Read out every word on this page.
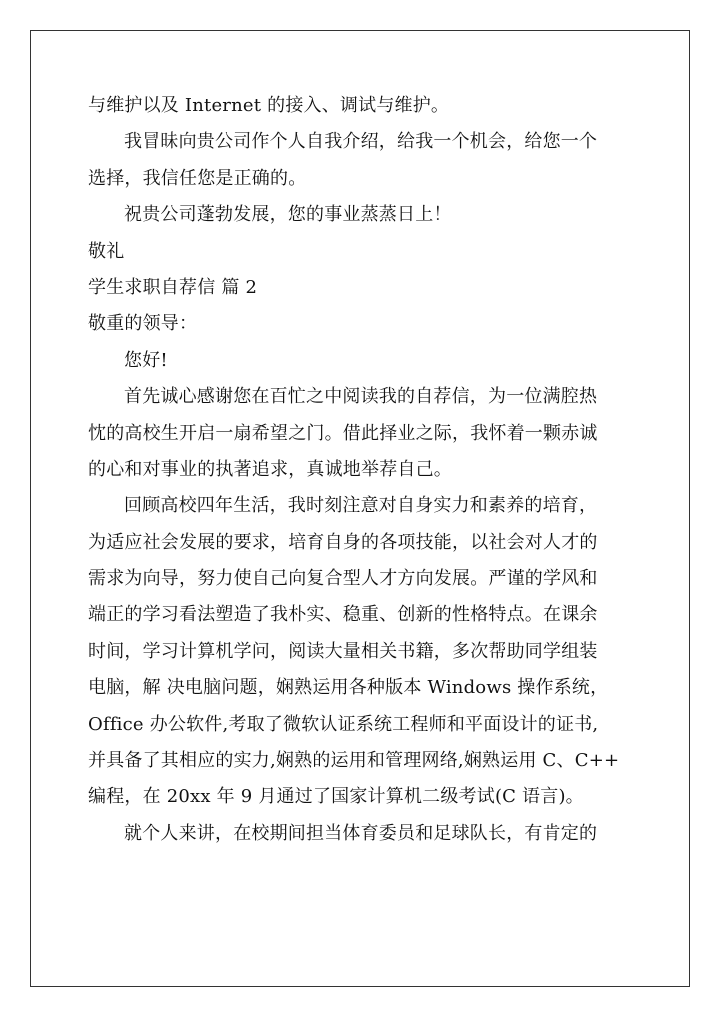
与维护以及 Internet 的接入、调试与维护。
我冒昧向贵公司作个人自我介绍，给我一个机会，给您一个
选择，我信任您是正确的。
祝贵公司蓬勃发展，您的事业蒸蒸日上！
敬礼
学生求职自荐信 篇 2
敬重的领导：
您好!
首先诚心感谢您在百忙之中阅读我的自荐信，为一位满腔热
忱的高校生开启一扇希望之门。借此择业之际，我怀着一颗赤诚
的心和对事业的执著追求，真诚地举荐自己。
回顾高校四年生活，我时刻注意对自身实力和素养的培育，
为适应社会发展的要求，培育自身的各项技能，以社会对人才的
需求为向导，努力使自己向复合型人才方向发展。严谨的学风和
端正的学习看法塑造了我朴实、稳重、创新的性格特点。在课余
时间，学习计算机学问，阅读大量相关书籍，多次帮助同学组装
电脑，解 决电脑问题，娴熟运用各种版本 Windows 操作系统，
Office 办公软件,考取了微软认证系统工程师和平面设计的证书,
并具备了其相应的实力,娴熟的运用和管理网络,娴熟运用 C、C++
编程，在 20xx 年 9 月通过了国家计算机二级考试(C 语言)。
就个人来讲，在校期间担当体育委员和足球队长，有肯定的
